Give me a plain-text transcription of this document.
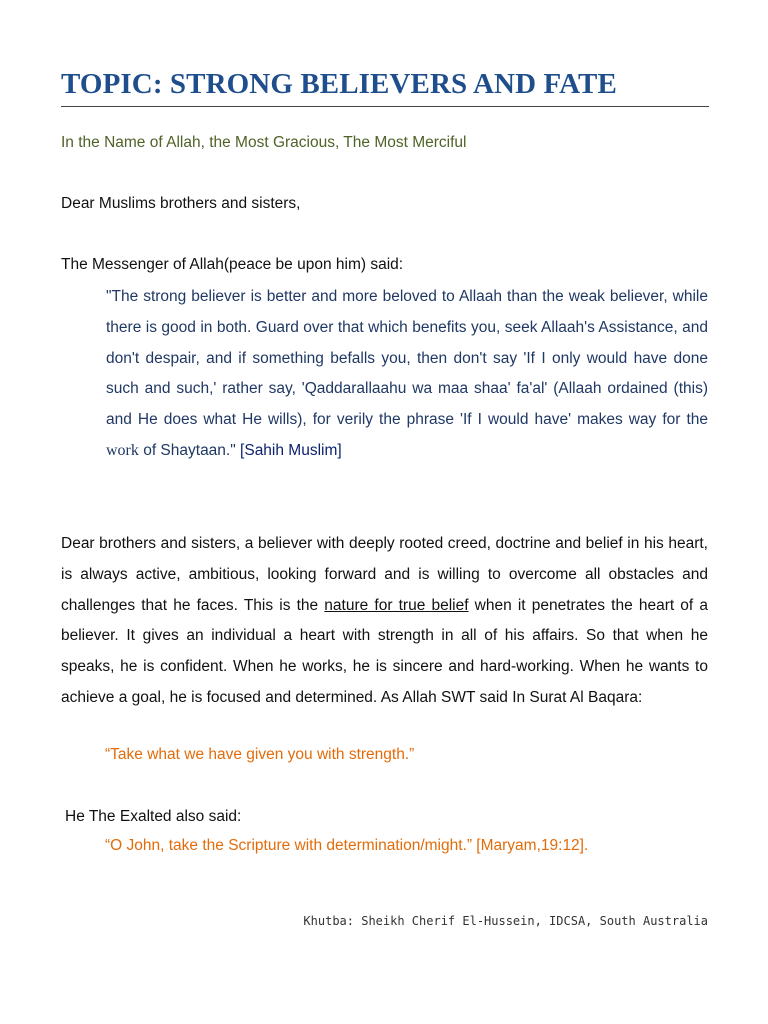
TOPIC: STRONG BELIEVERS AND FATE

In the Name of Allah, the Most Gracious, The Most Merciful

Dear Muslims brothers and sisters,

The Messenger of Allah(peace be upon him) said:

"The strong believer is better and more beloved to Allaah than the weak believer, while there is good in both. Guard over that which benefits you, seek Allaah's Assistance, and don't despair, and if something befalls you, then don't say 'If I only would have done such and such,' rather say, 'Qaddarallaahu wa maa shaa' fa'al' (Allaah ordained (this) and He does what He wills), for verily the phrase 'If I would have' makes way for the work of Shaytaan." [Sahih Muslim]

Dear brothers and sisters, a believer with deeply rooted creed, doctrine and belief in his heart, is always active, ambitious, looking forward and is willing to overcome all obstacles and challenges that he faces. This is the nature for true belief when it penetrates the heart of a believer. It gives an individual a heart with strength in all of his affairs. So that when he speaks, he is confident. When he works, he is sincere and hard-working. When he wants to achieve a goal, he is focused and determined. As Allah SWT said In Surat Al Baqara:

“Take what we have given you with strength.”

He The Exalted also said:

“O John, take the Scripture with determination/might.” [Maryam,19:12].

Khutba: Sheikh Cherif El-Hussein, IDCSA, South Australia
